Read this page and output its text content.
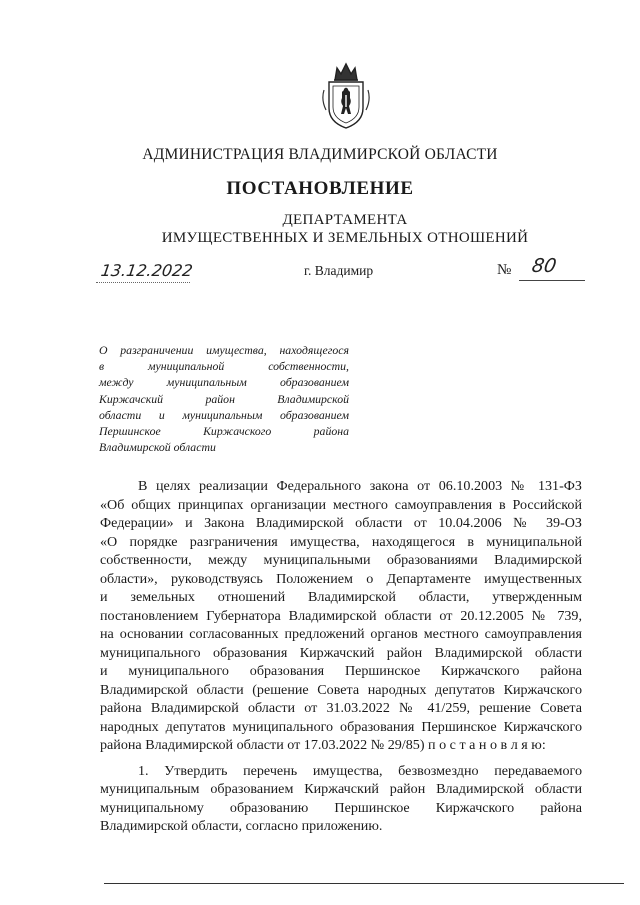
АДМИНИСТРАЦИЯ ВЛАДИМИРСКОЙ ОБЛАСТИ
ПОСТАНОВЛЕНИЕ
ДЕПАРТАМЕНТА
ИМУЩЕСТВЕННЫХ И ЗЕМЕЛЬНЫХ ОТНОШЕНИЙ
13.12.2022	г. Владимир	№ 80
О разграничении имущества, находящегося
в муниципальной собственности,
между муниципальным образованием
Киржачский район Владимирской
области и муниципальным образованием
Першинское Киржачского района
Владимирской области
В целях реализации Федерального закона от 06.10.2003 № 131-ФЗ
«Об общих принципах организации местного самоуправления в Российской
Федерации» и Закона Владимирской области от 10.04.2006 № 39-ОЗ
«О порядке разграничения имущества, находящегося в муниципальной
собственности, между муниципальными образованиями Владимирской
области», руководствуясь Положением о Департаменте имущественных
и земельных отношений Владимирской области, утвержденным
постановлением Губернатора Владимирской области от 20.12.2005 № 739,
на основании согласованных предложений органов местного самоуправления
муниципального образования Киржачский район Владимирской области
и муниципального образования Першинское Киржачского района
Владимирской области (решение Совета народных депутатов Киржачского
района Владимирской области от 31.03.2022 № 41/259, решение Совета
народных депутатов муниципального образования Першинское Киржачского
района Владимирской области от 17.03.2022 № 29/85) п о с т а н о в л я ю:
1. Утвердить перечень имущества, безвозмездно передаваемого
муниципальным образованием Киржачский район Владимирской области
муниципальному образованию Першинское Киржачского района
Владимирской области, согласно приложению.
